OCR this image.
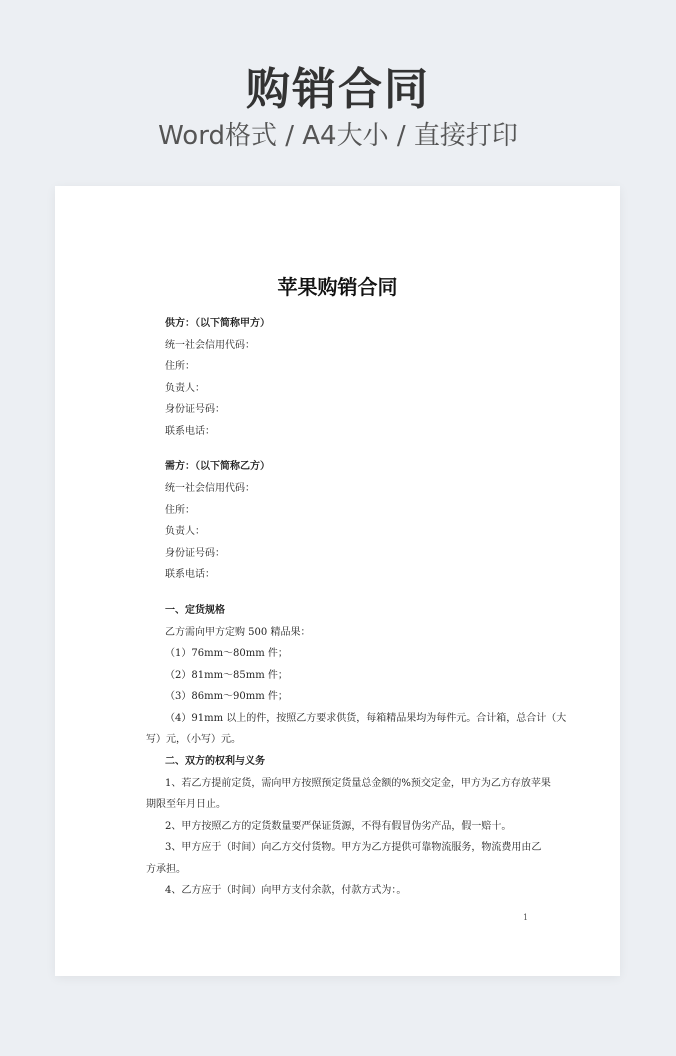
购销合同
Word格式 / A4大小 / 直接打印
苹果购销合同
供方：（以下简称甲方）
统一社会信用代码：
住所：
负责人：
身份证号码：
联系电话：
需方：（以下简称乙方）
统一社会信用代码：
住所：
负责人：
身份证号码：
联系电话：
一、定货规格
乙方需向甲方定购 500 精品果：
（1）76mm～80mm 件；
（2）81mm～85mm 件；
（3）86mm～90mm 件；
（4）91mm 以上的件，按照乙方要求供货，每箱精品果均为每件元。合计箱，总合计（大
写）元，（小写）元。
二、双方的权利与义务
1、若乙方提前定货，需向甲方按照预定货量总金额的%预交定金，甲方为乙方存放苹果
期限至年月日止。
2、甲方按照乙方的定货数量要严保证货源，不得有假冒伪劣产品，假一赔十。
3、甲方应于（时间）向乙方交付货物。甲方为乙方提供可靠物流服务，物流费用由乙
方承担。
4、乙方应于（时间）向甲方支付余款，付款方式为：。
1
